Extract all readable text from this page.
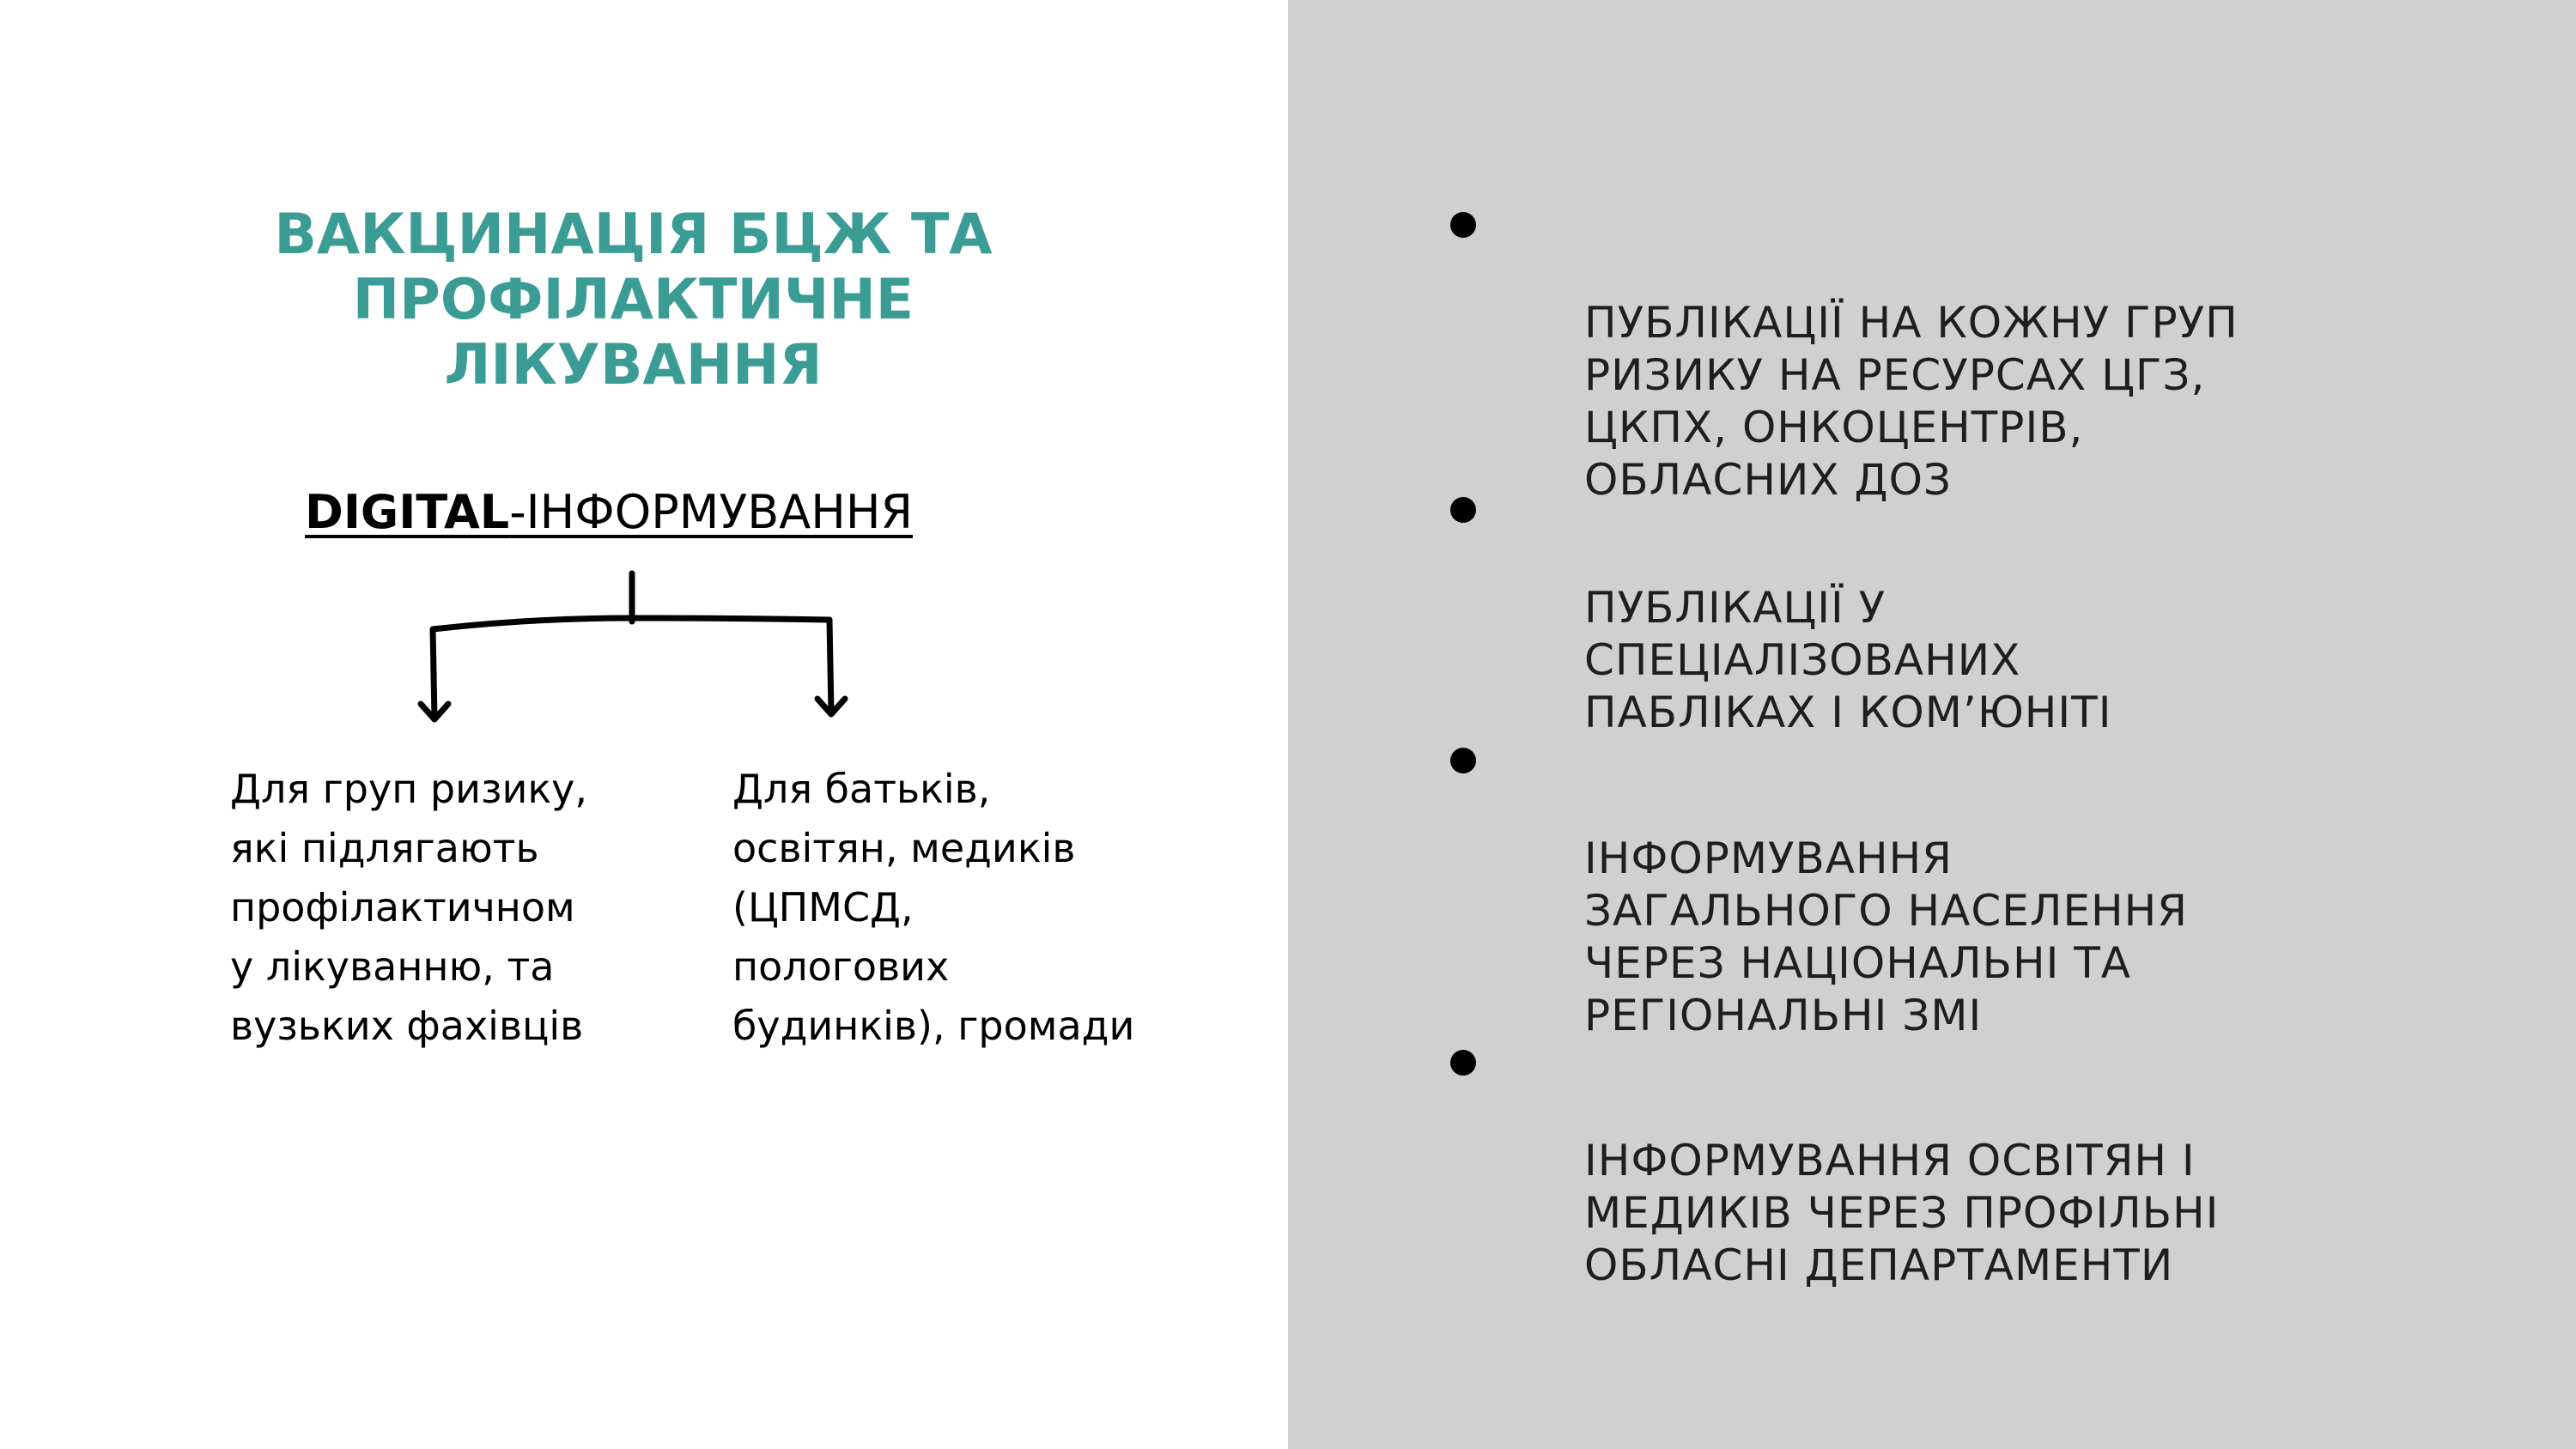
ВАКЦИНАЦІЯ БЦЖ ТА
ПРОФІЛАКТИЧНЕ
ЛІКУВАННЯ

DIGITAL-ІНФОРМУВАННЯ

Для груп ризику,
які підлягають
профілактичном
у лікуванню, та
вузьких фахівців

Для батьків,
освітян, медиків
(ЦПМСД,
пологових
будинків), громади

ПУБЛІКАЦІЇ НА КОЖНУ ГРУП
РИЗИКУ НА РЕСУРСАХ ЦГЗ,
ЦКПХ, ОНКОЦЕНТРІВ,
ОБЛАСНИХ ДОЗ

ПУБЛІКАЦІЇ У
СПЕЦІАЛІЗОВАНИХ
ПАБЛІКАХ І КОМ’ЮНІТІ

ІНФОРМУВАННЯ
ЗАГАЛЬНОГО НАСЕЛЕННЯ
ЧЕРЕЗ НАЦІОНАЛЬНІ ТА
РЕГІОНАЛЬНІ ЗМІ

ІНФОРМУВАННЯ ОСВІТЯН І
МЕДИКІВ ЧЕРЕЗ ПРОФІЛЬНІ
ОБЛАСНІ ДЕПАРТАМЕНТИ
